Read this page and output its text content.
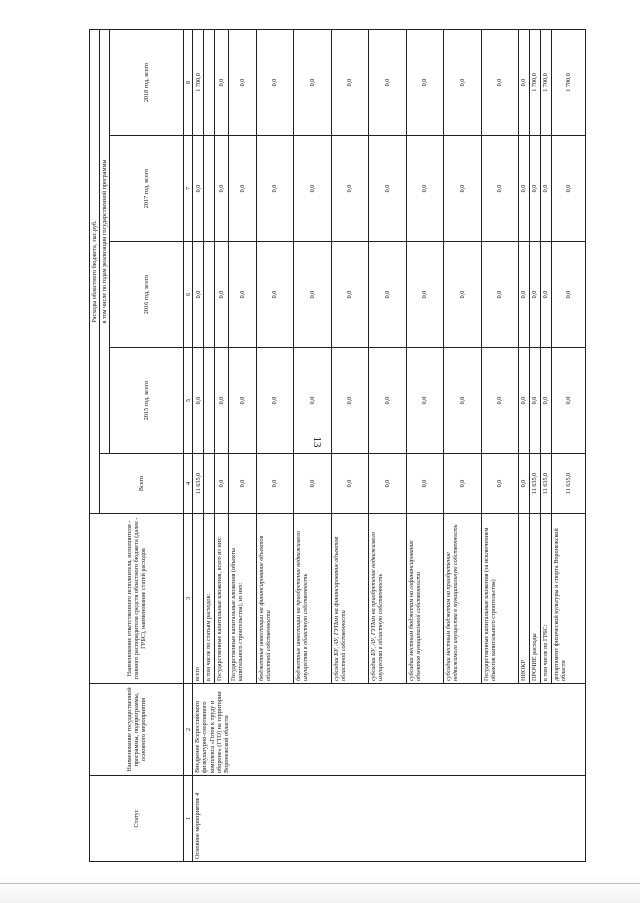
13
Статус	Наименование государственной программы, подпрограммы, основного мероприятия	Наименование ответственного исполнителя, исполнителя - главного распорядителя средств областного бюджета (далее - ГРБС), наименование статей расходов	Расходы областного бюджета, тыс.руб.				
			Всего	в том числе по годам реализации государственной программы			
				2015 год, всего	2016 год, всего	2017 год, всего	2018 год, всего
1	2	3	4	5	6	7	8
Основное мероприятие 4	Внедрение Всероссийского физкультурно-спортивного комплекса «Готов к труду и обороне» (ГТО) на территории Воронежской области	всего	11 635,0	0,0	0,0	0,0	1 700,0
		в том числе по статьям расходов:					
		Государственные капитальные вложения, всего из них:	0,0	0,0	0,0	0,0	0,0
		Государственные капитальные вложения (объекты капитального строительства), из них:	0,0	0,0	0,0	0,0	0,0
		бюджетные инвестиции на финансирование объектов областной собственности	0,0	0,0	0,0	0,0	0,0
		бюджетные инвестиции на приобретение недвижимого имущества в областную собственность	0,0	0,0	0,0	0,0	0,0
		субсидии БУ, АУ, ГУПам на финансирование объектов областной собственности	0,0	0,0	0,0	0,0	0,0
		субсидии БУ, АУ, ГУПам на приобретение недвижимого имущества в областную собственность	0,0	0,0	0,0	0,0	0,0
		субсидии местным бюджетам на софинансирование объектов муниципальной собственности	0,0	0,0	0,0	0,0	0,0
		субсидии местным бюджетам на приобретение недвижимого имущества в муниципальную собственность	0,0	0,0	0,0	0,0	0,0
		Государственные капитальные вложения (за исключением объектов капитального строительства)	0,0	0,0	0,0	0,0	0,0
		НИОКР	0,0	0,0	0,0	0,0	0,0
		ПРОЧИЕ расходы	11 635,0	0,0	0,0	0,0	1 700,0
		в том числе по ГРБС:	11 635,0	0,0	0,0	0,0	1 700,0
		департамент физической культуры и спорта Воронежской области	11 635,0	0,0	0,0	0,0	1 700,0
